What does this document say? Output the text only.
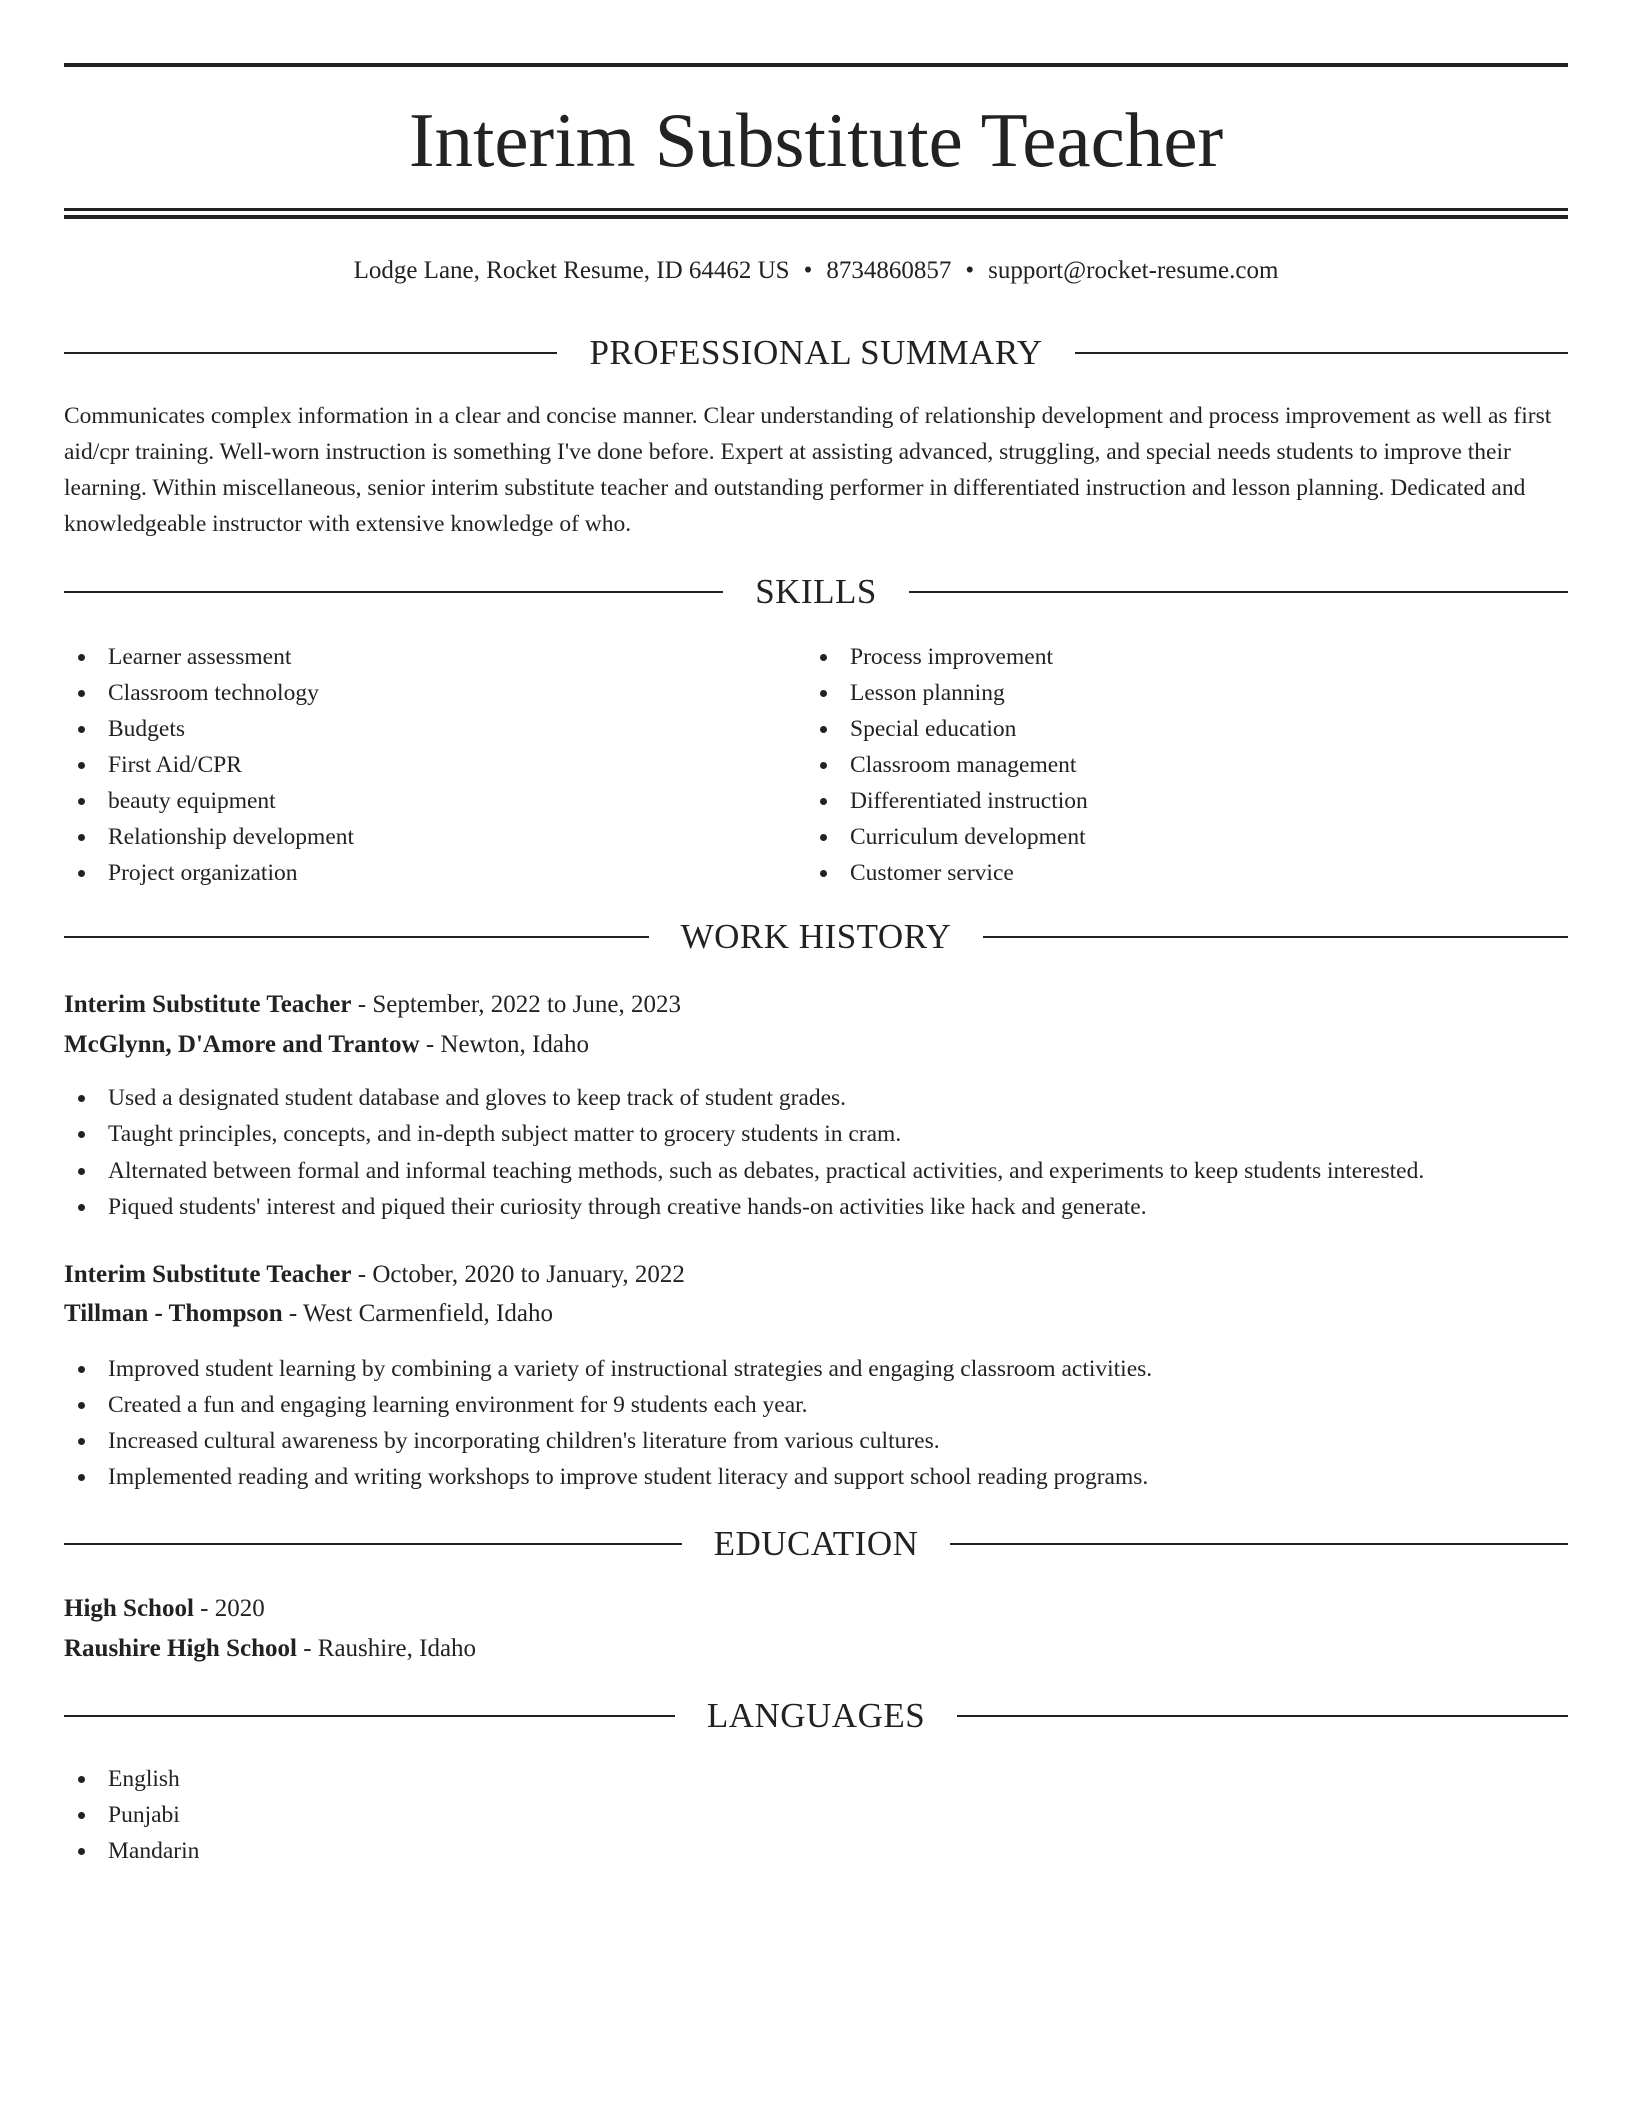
Interim Substitute Teacher
Lodge Lane, Rocket Resume, ID 64462 US • 8734860857 • support@rocket-resume.com
PROFESSIONAL SUMMARY
Communicates complex information in a clear and concise manner. Clear understanding of relationship development and process improvement as well as first aid/cpr training. Well-worn instruction is something I've done before. Expert at assisting advanced, struggling, and special needs students to improve their learning. Within miscellaneous, senior interim substitute teacher and outstanding performer in differentiated instruction and lesson planning. Dedicated and knowledgeable instructor with extensive knowledge of who.
SKILLS
Learner assessment
Classroom technology
Budgets
First Aid/CPR
beauty equipment
Relationship development
Project organization
Process improvement
Lesson planning
Special education
Classroom management
Differentiated instruction
Curriculum development
Customer service
WORK HISTORY
Interim Substitute Teacher - September, 2022 to June, 2023
McGlynn, D'Amore and Trantow - Newton, Idaho
Used a designated student database and gloves to keep track of student grades.
Taught principles, concepts, and in-depth subject matter to grocery students in cram.
Alternated between formal and informal teaching methods, such as debates, practical activities, and experiments to keep students interested.
Piqued students' interest and piqued their curiosity through creative hands-on activities like hack and generate.
Interim Substitute Teacher - October, 2020 to January, 2022
Tillman - Thompson - West Carmenfield, Idaho
Improved student learning by combining a variety of instructional strategies and engaging classroom activities.
Created a fun and engaging learning environment for 9 students each year.
Increased cultural awareness by incorporating children's literature from various cultures.
Implemented reading and writing workshops to improve student literacy and support school reading programs.
EDUCATION
High School - 2020
Raushire High School - Raushire, Idaho
LANGUAGES
English
Punjabi
Mandarin
